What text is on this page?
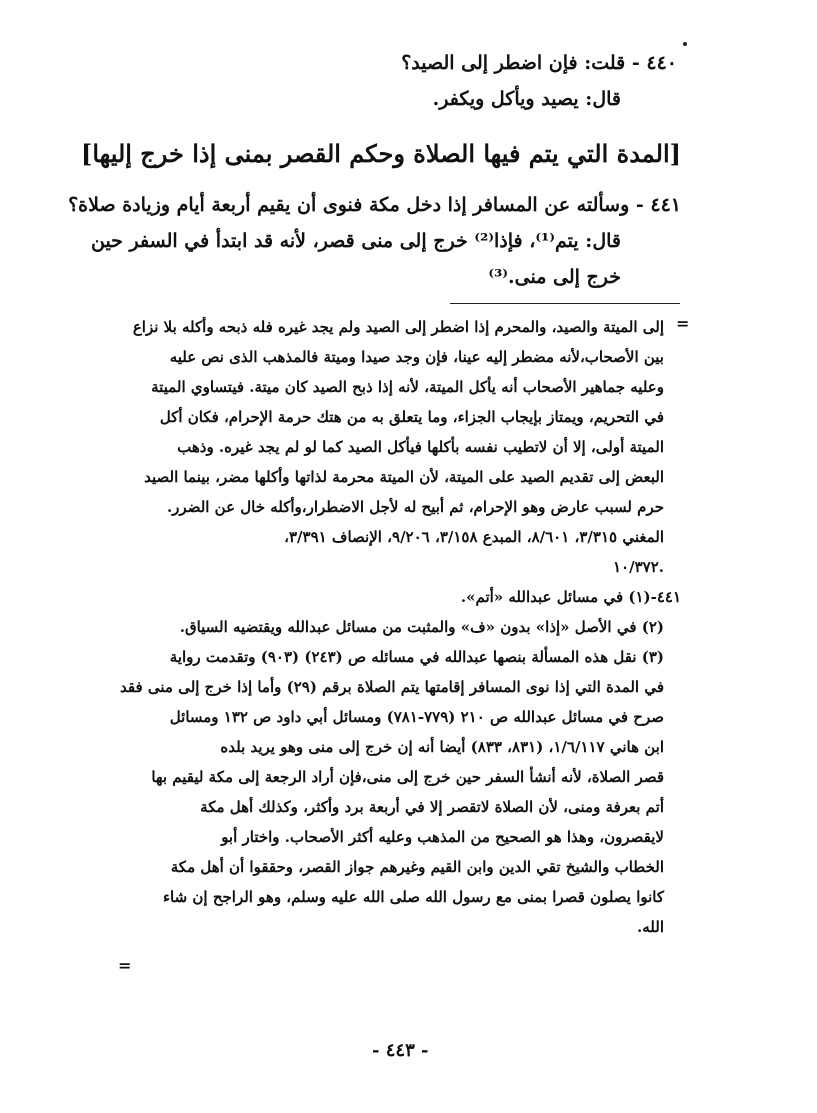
٤٤٠ - قلت: فإن اضطر إلى الصيد؟
قال: يصيد ويأكل ويكفر.
[المدة التي يتم فيها الصلاة وحكم القصر بمنى إذا خرج إليها]
٤٤١ - وسألته عن المسافر إذا دخل مكة فنوى أن يقيم أربعة أيام وزيادة صلاة؟
قال: يتم⁽¹⁾، فإذا⁽²⁾ خرج إلى منى قصر، لأنه قد ابتدأ في السفر حين
خرج إلى منى.⁽³⁾
=
إلى الميتة والصيد، والمحرم إذا اضطر إلى الصيد ولم يجد غيره فله ذبحه وأكله بلا نزاع
بين الأصحاب،لأنه مضطر إليه عينا، فإن وجد صيدا وميتة فالمذهب الذى نص عليه
وعليه جماهير الأصحاب أنه يأكل الميتة، لأنه إذا ذبح الصيد كان ميتة. فيتساوي الميتة
في التحريم، ويمتاز بإيجاب الجزاء، وما يتعلق به من هتك حرمة الإحرام، فكان أكل
الميتة أولى، إلا أن لاتطيب نفسه بأكلها فيأكل الصيد كما لو لم يجد غيره. وذهب
البعض إلى تقديم الصيد على الميتة، لأن الميتة محرمة لذاتها وأكلها مضر، بينما الصيد
حرم لسبب عارض وهو الإحرام، ثم أبيح له لأجل الاضطرار،وأكله خال عن الضرر.
المغني ٣/٣١٥، ٨/٦٠١، المبدع ٣/١٥٨، ٩/٢٠٦، الإنصاف ٣/٣٩١،
١٠/٣٧٢.
٤٤١-(١) في مسائل عبدالله «أتم».
(٢) في الأصل «إذا» بدون «ف» والمثبت من مسائل عبدالله ويقتضيه السياق.
(٣) نقل هذه المسألة بنصها عبدالله في مسائله ص (٢٤٣) (٩٠٣) وتقدمت رواية
في المدة التي إذا نوى المسافر إقامتها يتم الصلاة برقم (٢٩) وأما إذا خرج إلى منى فقد
صرح في مسائل عبدالله ص ٢١٠ (٧٧٩-٧٨١) ومسائل أبي داود ص ١٣٢ ومسائل
ابن هاني ١/٦/١١٧، (٨٣١، ٨٣٣) أيضا أنه إن خرج إلى منى وهو يريد بلده
قصر الصلاة، لأنه أنشأ السفر حين خرج إلى منى،فإن أراد الرجعة إلى مكة ليقيم بها
أتم بعرفة ومنى، لأن الصلاة لاتقصر إلا في أربعة برد وأكثر، وكذلك أهل مكة
لايقصرون، وهذا هو الصحيح من المذهب وعليه أكثر الأصحاب. واختار أبو
الخطاب والشيخ تقي الدين وابن القيم وغيرهم جواز القصر، وحققوا أن أهل مكة
كانوا يصلون قصرا بمنى مع رسول الله صلى الله عليه وسلم، وهو الراجح إن شاء
الله.
=
- ٤٤٣ -
